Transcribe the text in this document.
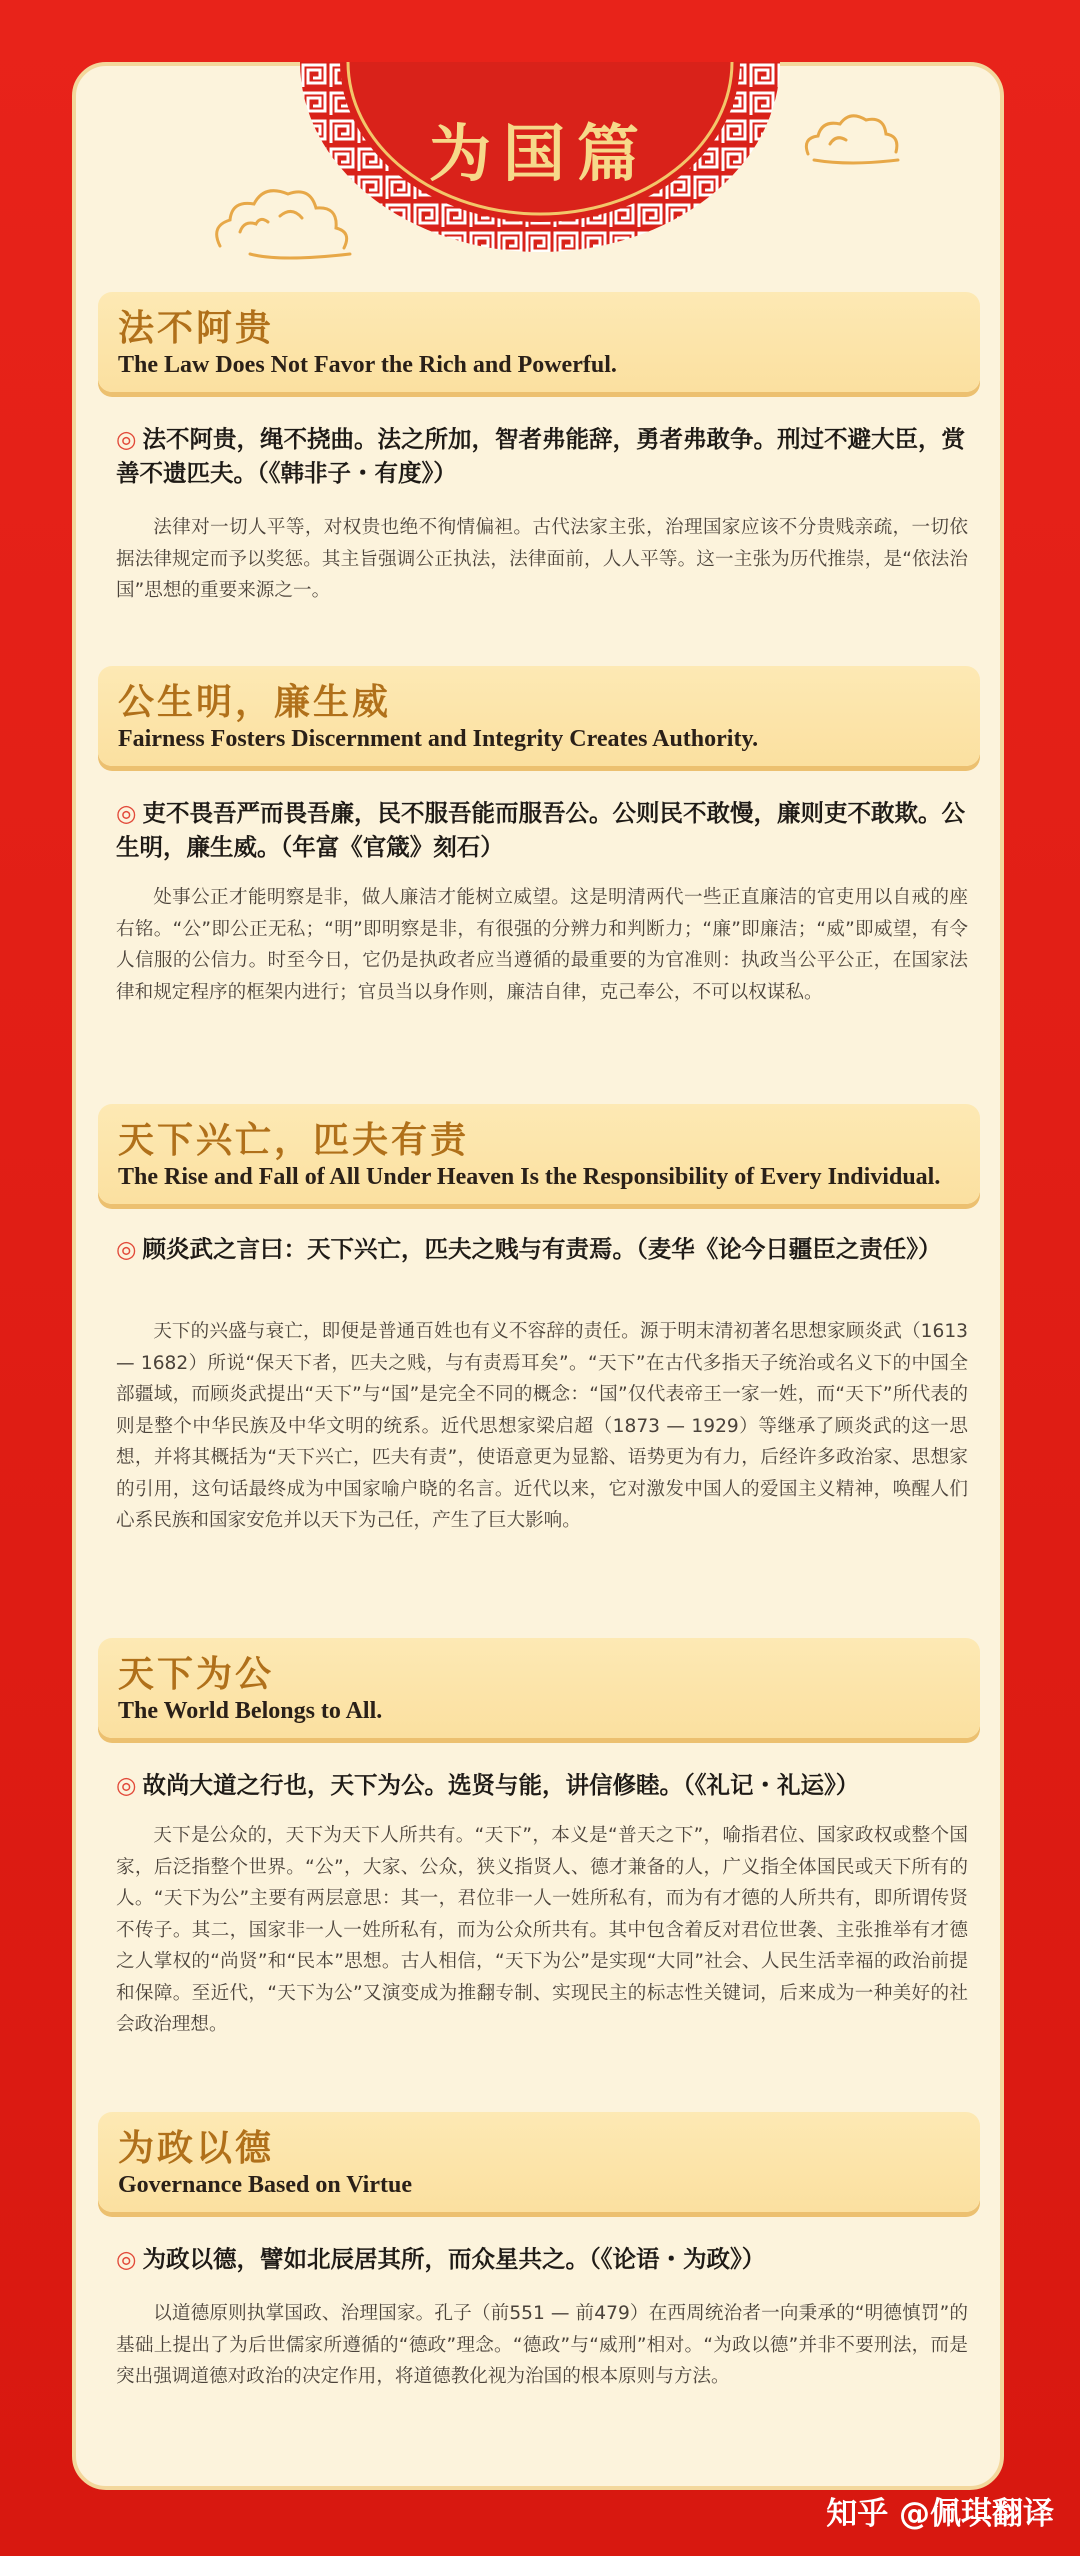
为国篇
法不阿贵
The Law Does Not Favor the Rich and Powerful.
◎ 法不阿贵，绳不挠曲。法之所加，智者弗能辞，勇者弗敢争。刑过不避大臣，赏善不遗匹夫。（《韩非子・有度》）
法律对一切人平等，对权贵也绝不徇情偏袒。古代法家主张，治理国家应该不分贵贱亲疏，一切依据法律规定而予以奖惩。其主旨强调公正执法，法律面前，人人平等。这一主张为历代推崇，是“依法治国”思想的重要来源之一。
公生明，廉生威
Fairness Fosters Discernment and Integrity Creates Authority.
◎ 吏不畏吾严而畏吾廉，民不服吾能而服吾公。公则民不敢慢，廉则吏不敢欺。公生明，廉生威。（年富《官箴》刻石）
处事公正才能明察是非，做人廉洁才能树立威望。这是明清两代一些正直廉洁的官吏用以自戒的座右铭。“公”即公正无私；“明”即明察是非，有很强的分辨力和判断力；“廉”即廉洁；“威”即威望，有令人信服的公信力。时至今日，它仍是执政者应当遵循的最重要的为官准则：执政当公平公正，在国家法律和规定程序的框架内进行；官员当以身作则，廉洁自律，克己奉公，不可以权谋私。
天下兴亡，匹夫有责
The Rise and Fall of All Under Heaven Is the Responsibility of Every Individual.
◎ 顾炎武之言曰：天下兴亡，匹夫之贱与有责焉。（麦华《论今日疆臣之责任》）
天下的兴盛与衰亡，即便是普通百姓也有义不容辞的责任。源于明末清初著名思想家顾炎武（1613 — 1682）所说“保天下者，匹夫之贱，与有责焉耳矣”。“天下”在古代多指天子统治或名义下的中国全部疆域，而顾炎武提出“天下”与“国”是完全不同的概念：“国”仅代表帝王一家一姓，而“天下”所代表的则是整个中华民族及中华文明的统系。近代思想家梁启超（1873 — 1929）等继承了顾炎武的这一思想，并将其概括为“天下兴亡，匹夫有责”，使语意更为显豁、语势更为有力，后经许多政治家、思想家的引用，这句话最终成为中国家喻户晓的名言。近代以来，它对激发中国人的爱国主义精神，唤醒人们心系民族和国家安危并以天下为己任，产生了巨大影响。
天下为公
The World Belongs to All.
◎ 故尚大道之行也，天下为公。选贤与能，讲信修睦。（《礼记・礼运》）
天下是公众的，天下为天下人所共有。“天下”，本义是“普天之下”，喻指君位、国家政权或整个国家，后泛指整个世界。“公”，大家、公众，狭义指贤人、德才兼备的人，广义指全体国民或天下所有的人。“天下为公”主要有两层意思：其一，君位非一人一姓所私有，而为有才德的人所共有，即所谓传贤不传子。其二，国家非一人一姓所私有，而为公众所共有。其中包含着反对君位世袭、主张推举有才德之人掌权的“尚贤”和“民本”思想。古人相信，“天下为公”是实现“大同”社会、人民生活幸福的政治前提和保障。至近代，“天下为公”又演变成为推翻专制、实现民主的标志性关键词，后来成为一种美好的社会政治理想。
为政以德
Governance Based on Virtue
◎ 为政以德，譬如北辰居其所，而众星共之。（《论语・为政》）
以道德原则执掌国政、治理国家。孔子（前551 — 前479）在西周统治者一向秉承的“明德慎罚”的基础上提出了为后世儒家所遵循的“德政”理念。“德政”与“威刑”相对。“为政以德”并非不要刑法，而是突出强调道德对政治的决定作用，将道德教化视为治国的根本原则与方法。
知乎 @佩琪翻译
